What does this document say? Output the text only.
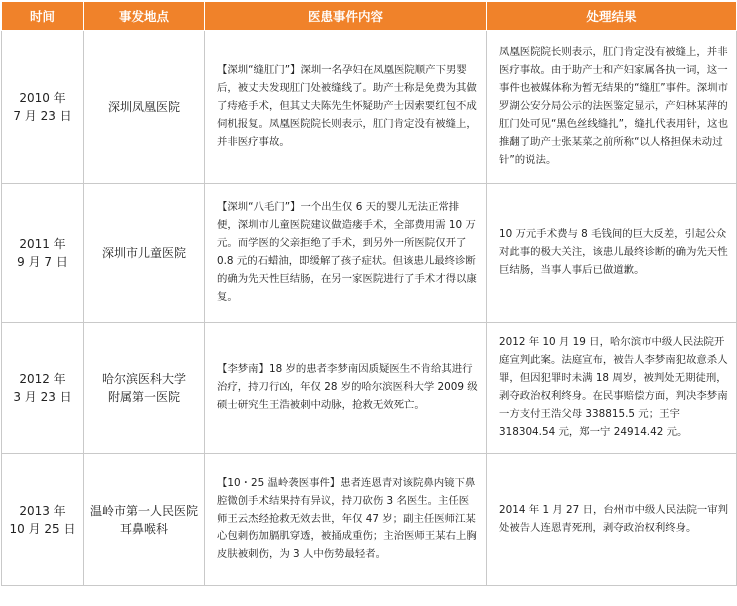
时间	事发地点	医患事件内容	处理结果

2010 年
7 月 23 日	深圳凤凰医院	【深圳“缝肛门”】深圳一名孕妇在凤凰医院顺产下男婴后，被丈夫发现肛门处被缝线了。助产士称是免费为其做了痔疮手术，但其丈夫陈先生怀疑助产士因索要红包不成伺机报复。凤凰医院院长则表示，肛门肯定没有被缝上，并非医疗事故。	凤凰医院院长则表示，肛门肯定没有被缝上，并非医疗事故。由于助产士和产妇家属各执一词，这一事件也被媒体称为暂无结果的“缝肛”事件。深圳市罗湖公安分局公示的法医鉴定显示，产妇林某萍的肛门处可见“黑色丝线缝扎”，缝扎代表用针，这也推翻了助产士张某菜之前所称“以人格担保未动过针”的说法。

2011 年
9 月 7 日	深圳市儿童医院	【深圳“八毛门”】一个出生仅 6 天的婴儿无法正常排便，深圳市儿童医院建议做造瘘手术，全部费用需 10 万元。而学医的父亲拒绝了手术，到另外一所医院仅开了 0.8 元的石蜡油，即缓解了孩子症状。但该患儿最终诊断的确为先天性巨结肠，在另一家医院进行了手术才得以康复。	10 万元手术费与 8 毛钱间的巨大反差，引起公众对此事的极大关注，该患儿最终诊断的确为先天性巨结肠，当事人事后已做道歉。

2012 年
3 月 23 日	哈尔滨医科大学
附属第一医院	【李梦南】18 岁的患者李梦南因质疑医生不肯给其进行治疗，持刀行凶，年仅 28 岁的哈尔滨医科大学 2009 级硕士研究生王浩被刺中动脉，抢救无效死亡。	2012 年 10 月 19 日，哈尔滨市中级人民法院开庭宣判此案。法庭宣布，被告人李梦南犯故意杀人罪，但因犯罪时未满 18 周岁，被判处无期徒刑，剥夺政治权利终身。在民事赔偿方面，判决李梦南一方支付王浩父母 338815.5 元；王宇 318304.54 元，郑一宁 24914.42 元。

2013 年
10 月 25 日	温岭市第一人民医院
耳鼻喉科	【10・25 温岭袭医事件】患者连恩青对该院鼻内镜下鼻腔微创手术结果持有异议，持刀砍伤 3 名医生。主任医师王云杰经抢救无效去世，年仅 47 岁；副主任医师江某心包刺伤加膈肌穿透，被捅成重伤；主治医师王某右上胸皮肤被刺伤，为 3 人中伤势最轻者。	2014 年 1 月 27 日，台州市中级人民法院一审判处被告人连恩青死刑，剥夺政治权利终身。
